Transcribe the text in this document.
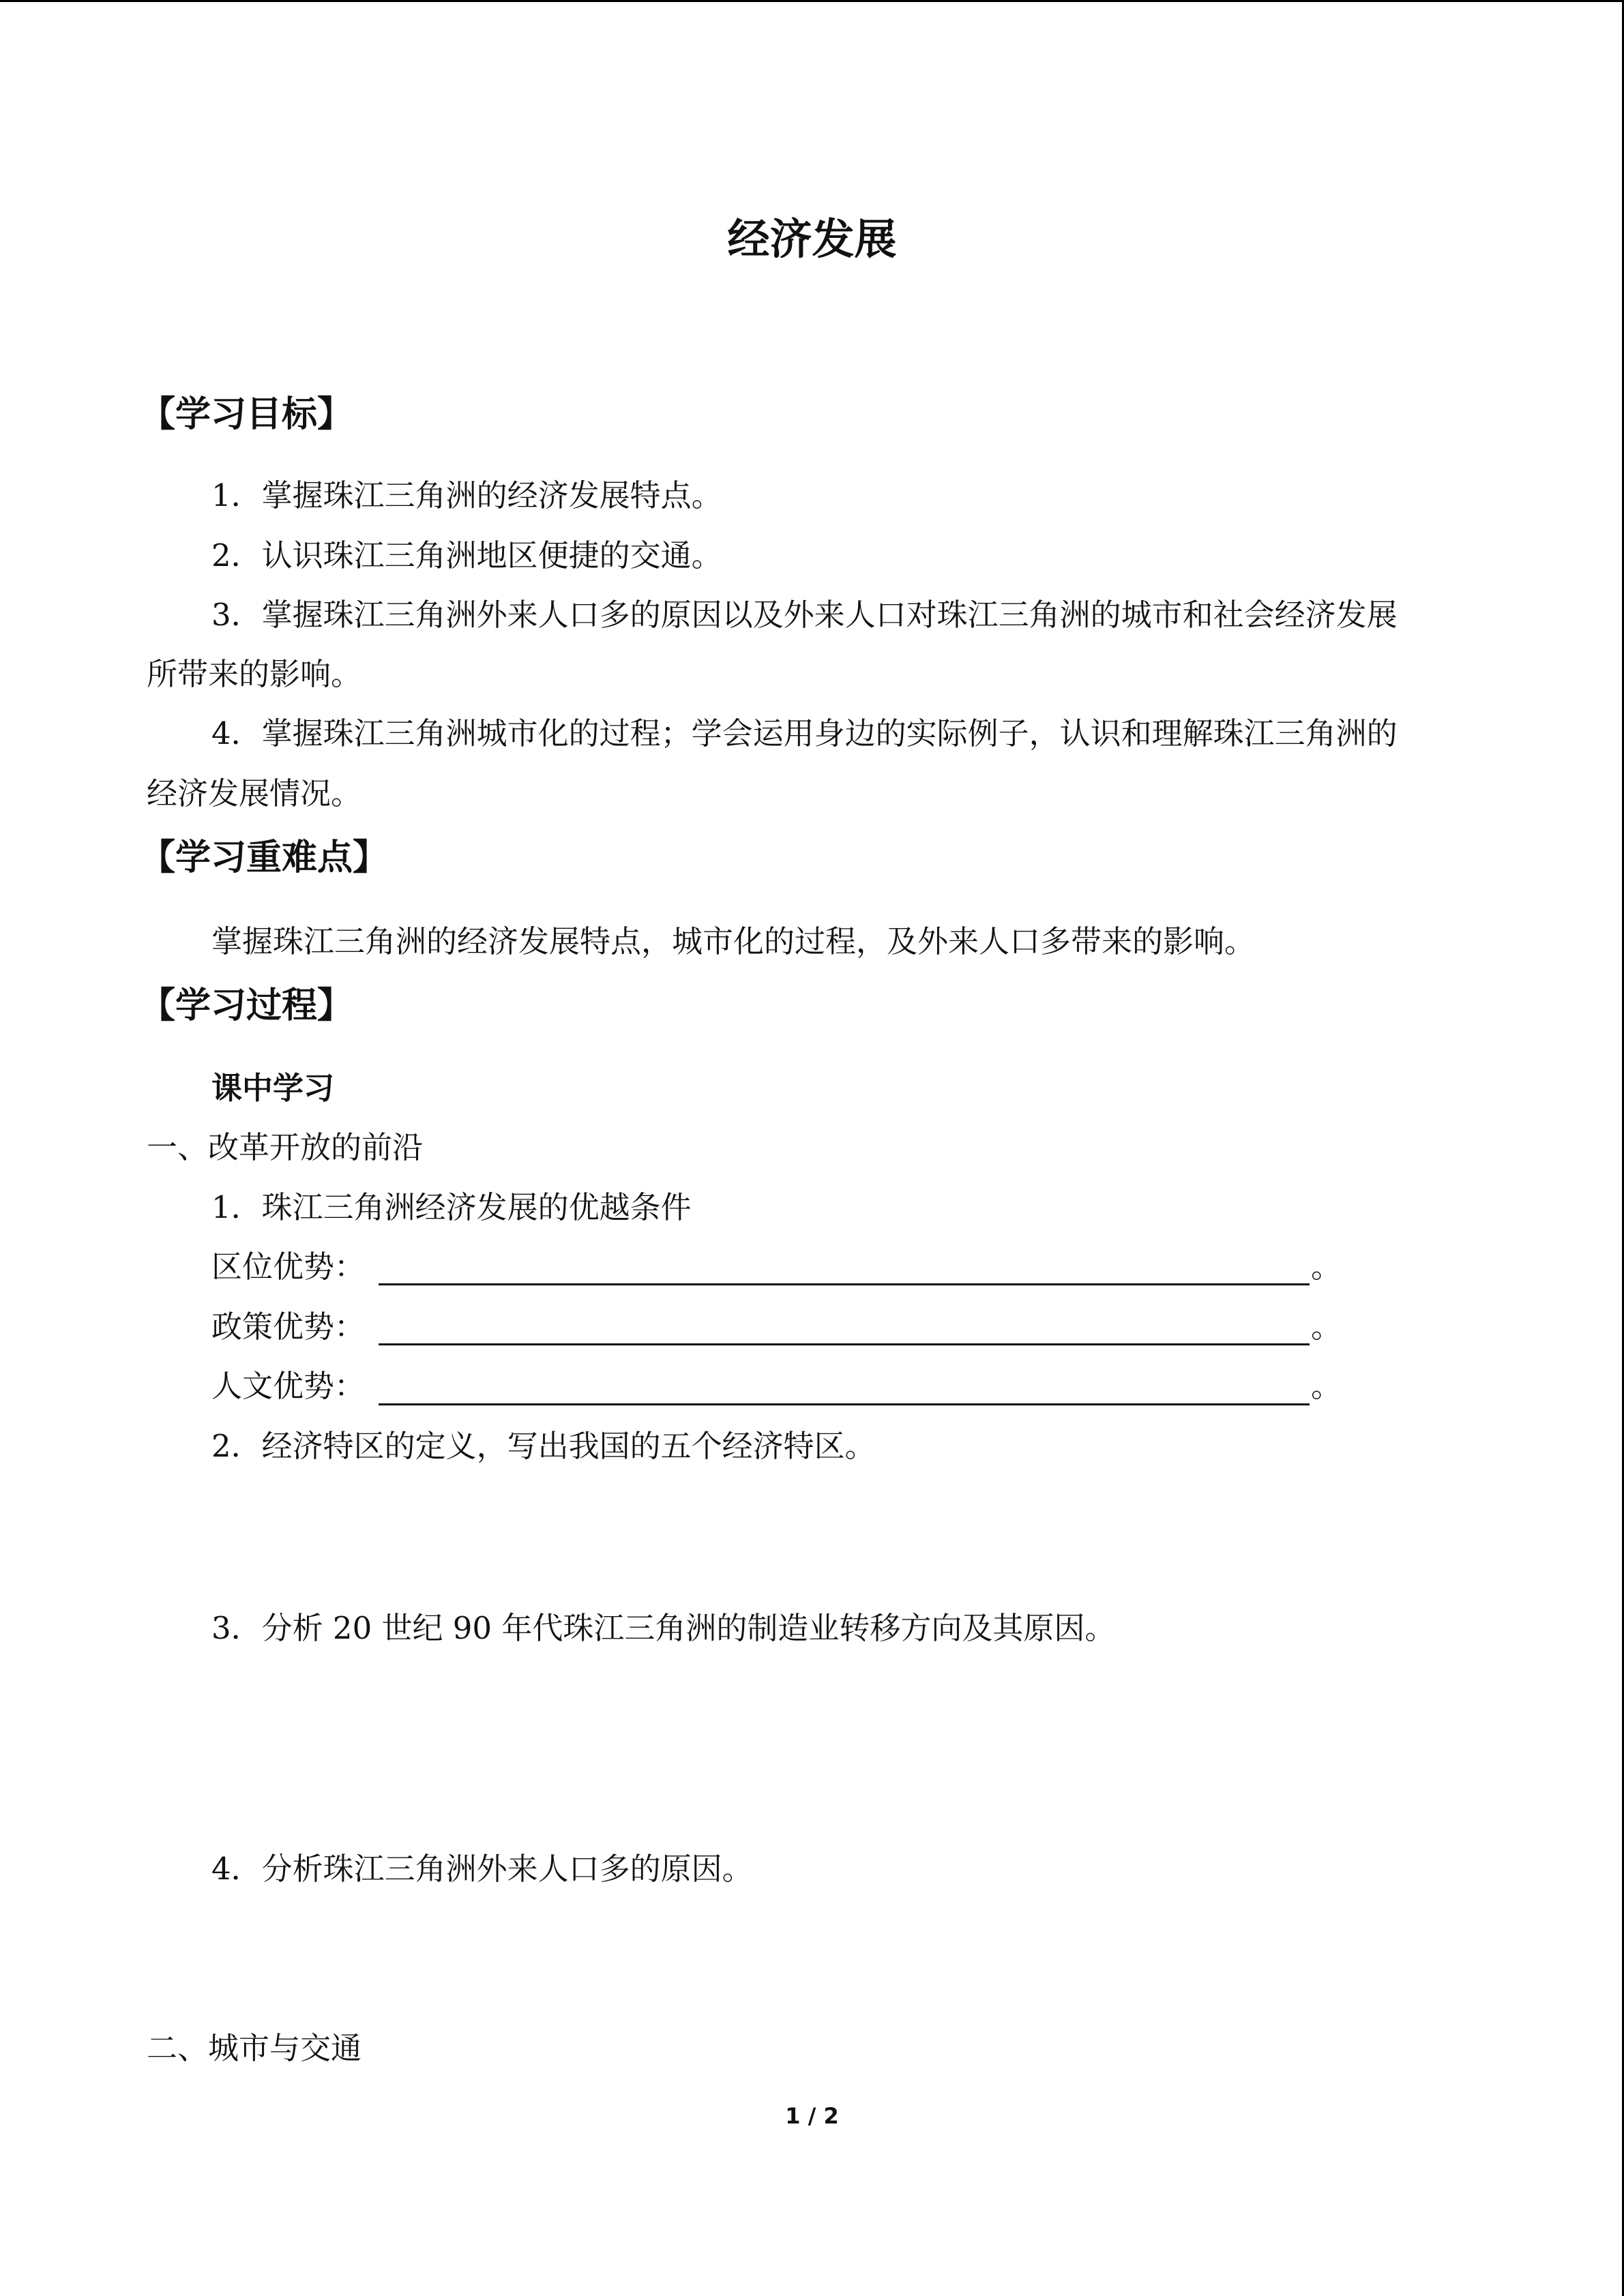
经济发展
【学习目标】
1．掌握珠江三角洲的经济发展特点。
2．认识珠江三角洲地区便捷的交通。
3．掌握珠江三角洲外来人口多的原因以及外来人口对珠江三角洲的城市和社会经济发展
所带来的影响。
4．掌握珠江三角洲城市化的过程；学会运用身边的实际例子，认识和理解珠江三角洲的
经济发展情况。
【学习重难点】
掌握珠江三角洲的经济发展特点，城市化的过程，及外来人口多带来的影响。
【学习过程】
课中学习
一、改革开放的前沿
1．珠江三角洲经济发展的优越条件
区位优势：	。
政策优势：	。
人文优势：	。
2．经济特区的定义，写出我国的五个经济特区。
3．分析 20 世纪 90 年代珠江三角洲的制造业转移方向及其原因。
4．分析珠江三角洲外来人口多的原因。
二、城市与交通
1 / 2
